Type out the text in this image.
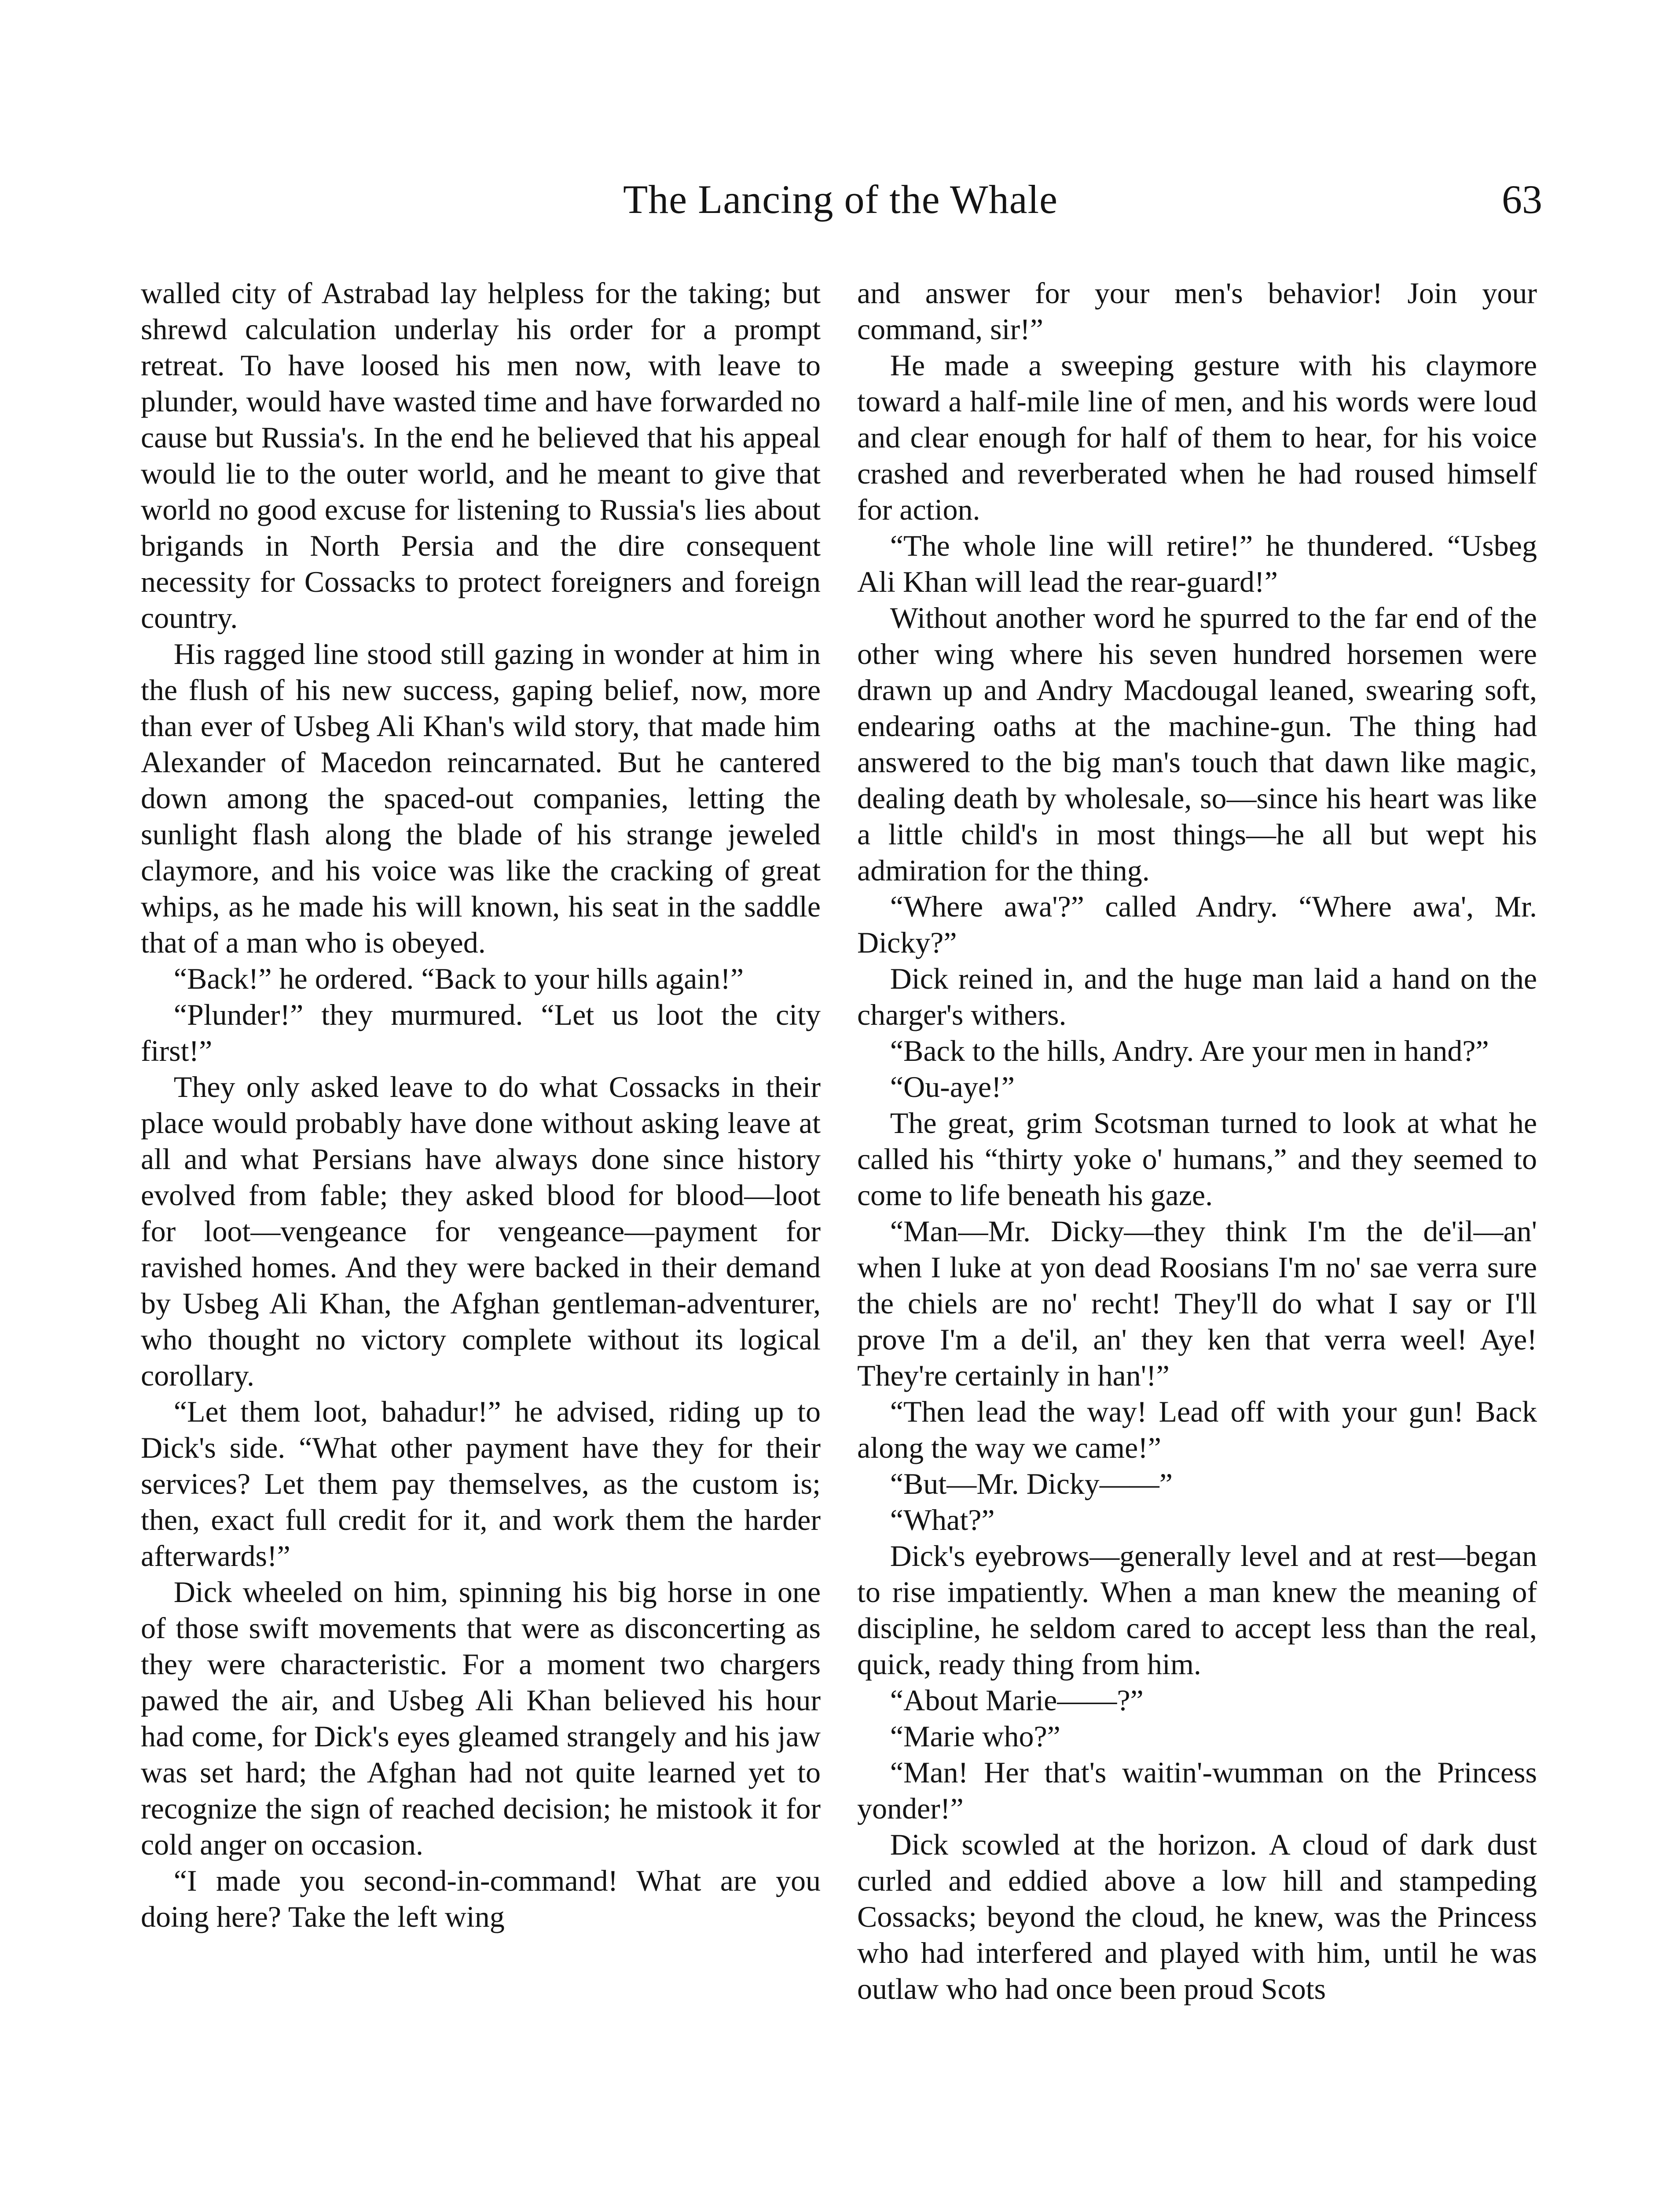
The Lancing of the Whale	63

walled city of Astrabad lay helpless for the taking; but shrewd calculation underlay his order for a prompt retreat. To have loosed his men now, with leave to plunder, would have wasted time and have forwarded no cause but Russia's. In the end he believed that his appeal would lie to the outer world, and he meant to give that world no good excuse for listening to Russia's lies about brigands in North Persia and the dire consequent necessity for Cossacks to protect foreigners and foreign country.

His ragged line stood still gazing in wonder at him in the flush of his new success, gaping belief, now, more than ever of Usbeg Ali Khan's wild story, that made him Alexander of Macedon reincarnated. But he cantered down among the spaced-out companies, letting the sunlight flash along the blade of his strange jeweled claymore, and his voice was like the cracking of great whips, as he made his will known, his seat in the saddle that of a man who is obeyed.

“Back!” he ordered. “Back to your hills again!”

“Plunder!” they murmured. “Let us loot the city first!”

They only asked leave to do what Cossacks in their place would probably have done without asking leave at all and what Persians have always done since history evolved from fable; they asked blood for blood—loot for loot—vengeance for vengeance—payment for ravished homes. And they were backed in their demand by Usbeg Ali Khan, the Afghan gentleman-adventurer, who thought no victory complete without its logical corollary.

“Let them loot, bahadur!” he advised, riding up to Dick's side. “What other payment have they for their services? Let them pay themselves, as the custom is; then, exact full credit for it, and work them the harder afterwards!”

Dick wheeled on him, spinning his big horse in one of those swift movements that were as disconcerting as they were characteristic. For a moment two chargers pawed the air, and Usbeg Ali Khan believed his hour had come, for Dick's eyes gleamed strangely and his jaw was set hard; the Afghan had not quite learned yet to recognize the sign of reached decision; he mistook it for cold anger on occasion.

“I made you second-in-command! What are you doing here? Take the left wing

and answer for your men's behavior! Join your command, sir!”

He made a sweeping gesture with his claymore toward a half-mile line of men, and his words were loud and clear enough for half of them to hear, for his voice crashed and reverberated when he had roused himself for action.

“The whole line will retire!” he thundered. “Usbeg Ali Khan will lead the rear-guard!”

Without another word he spurred to the far end of the other wing where his seven hundred horsemen were drawn up and Andry Macdougal leaned, swearing soft, endearing oaths at the machine-gun. The thing had answered to the big man's touch that dawn like magic, dealing death by wholesale, so—since his heart was like a little child's in most things—he all but wept his admiration for the thing.

“Where awa'?” called Andry. “Where awa', Mr. Dicky?”

Dick reined in, and the huge man laid a hand on the charger's withers.

“Back to the hills, Andry. Are your men in hand?”

“Ou-aye!”

The great, grim Scotsman turned to look at what he called his “thirty yoke o' humans,” and they seemed to come to life beneath his gaze.

“Man—Mr. Dicky—they think I'm the de'il—an' when I luke at yon dead Roosians I'm no' sae verra sure the chiels are no' recht! They'll do what I say or I'll prove I'm a de'il, an' they ken that verra weel! Aye! They're certainly in han'!”

“Then lead the way! Lead off with your gun! Back along the way we came!”

“But—Mr. Dicky——”

“What?”

Dick's eyebrows—generally level and at rest—began to rise impatiently. When a man knew the meaning of discipline, he seldom cared to accept less than the real, quick, ready thing from him.

“About Marie——?”

“Marie who?”

“Man! Her that's waitin'-wumman on the Princess yonder!”

Dick scowled at the horizon. A cloud of dark dust curled and eddied above a low hill and stampeding Cossacks; beyond the cloud, he knew, was the Princess who had interfered and played with him, until he was outlaw who had once been proud Scots
